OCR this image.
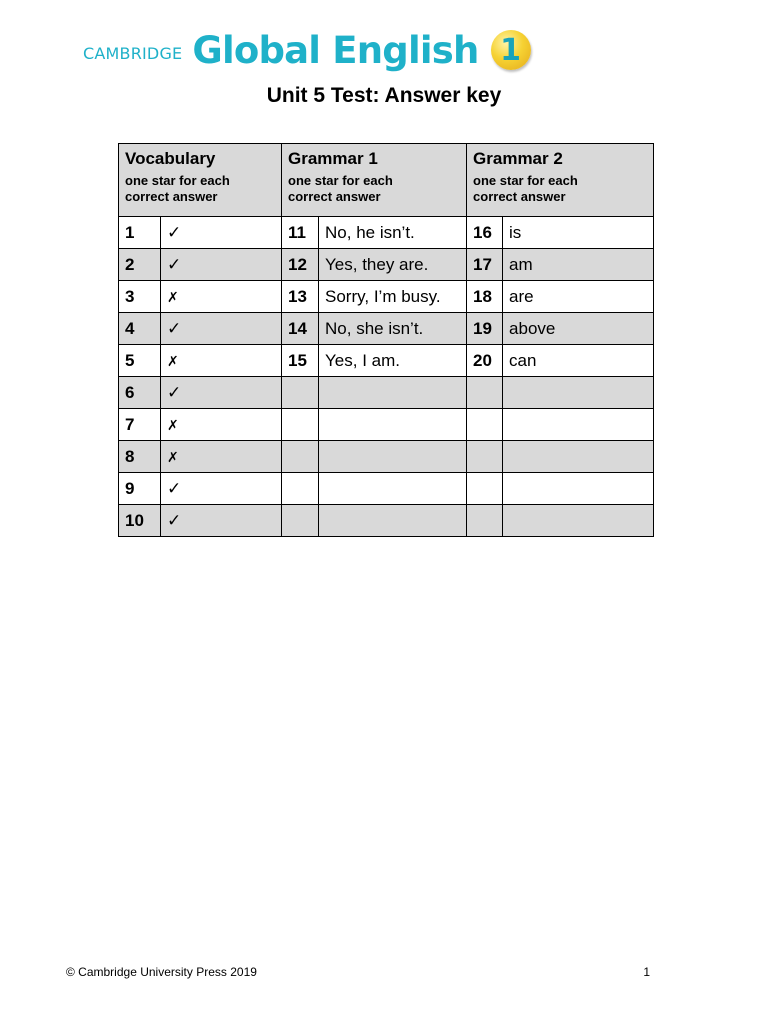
CAMBRIDGE Global English 1
Unit 5 Test: Answer key
Vocabulary
one star for each
correct answer		Grammar 1
one star for each
correct answer		Grammar 2
one star for each
correct answer	

1	✓	11	No, he isn’t.	16	is
2	✓	12	Yes, they are.	17	am
3	✗	13	Sorry, I’m busy.	18	are
4	✓	14	No, she isn’t.	19	above
5	✗	15	Yes, I am.	20	can
6	✓				
7	✗				
8	✗				
9	✓				
10	✓				
© Cambridge University Press 2019	1
